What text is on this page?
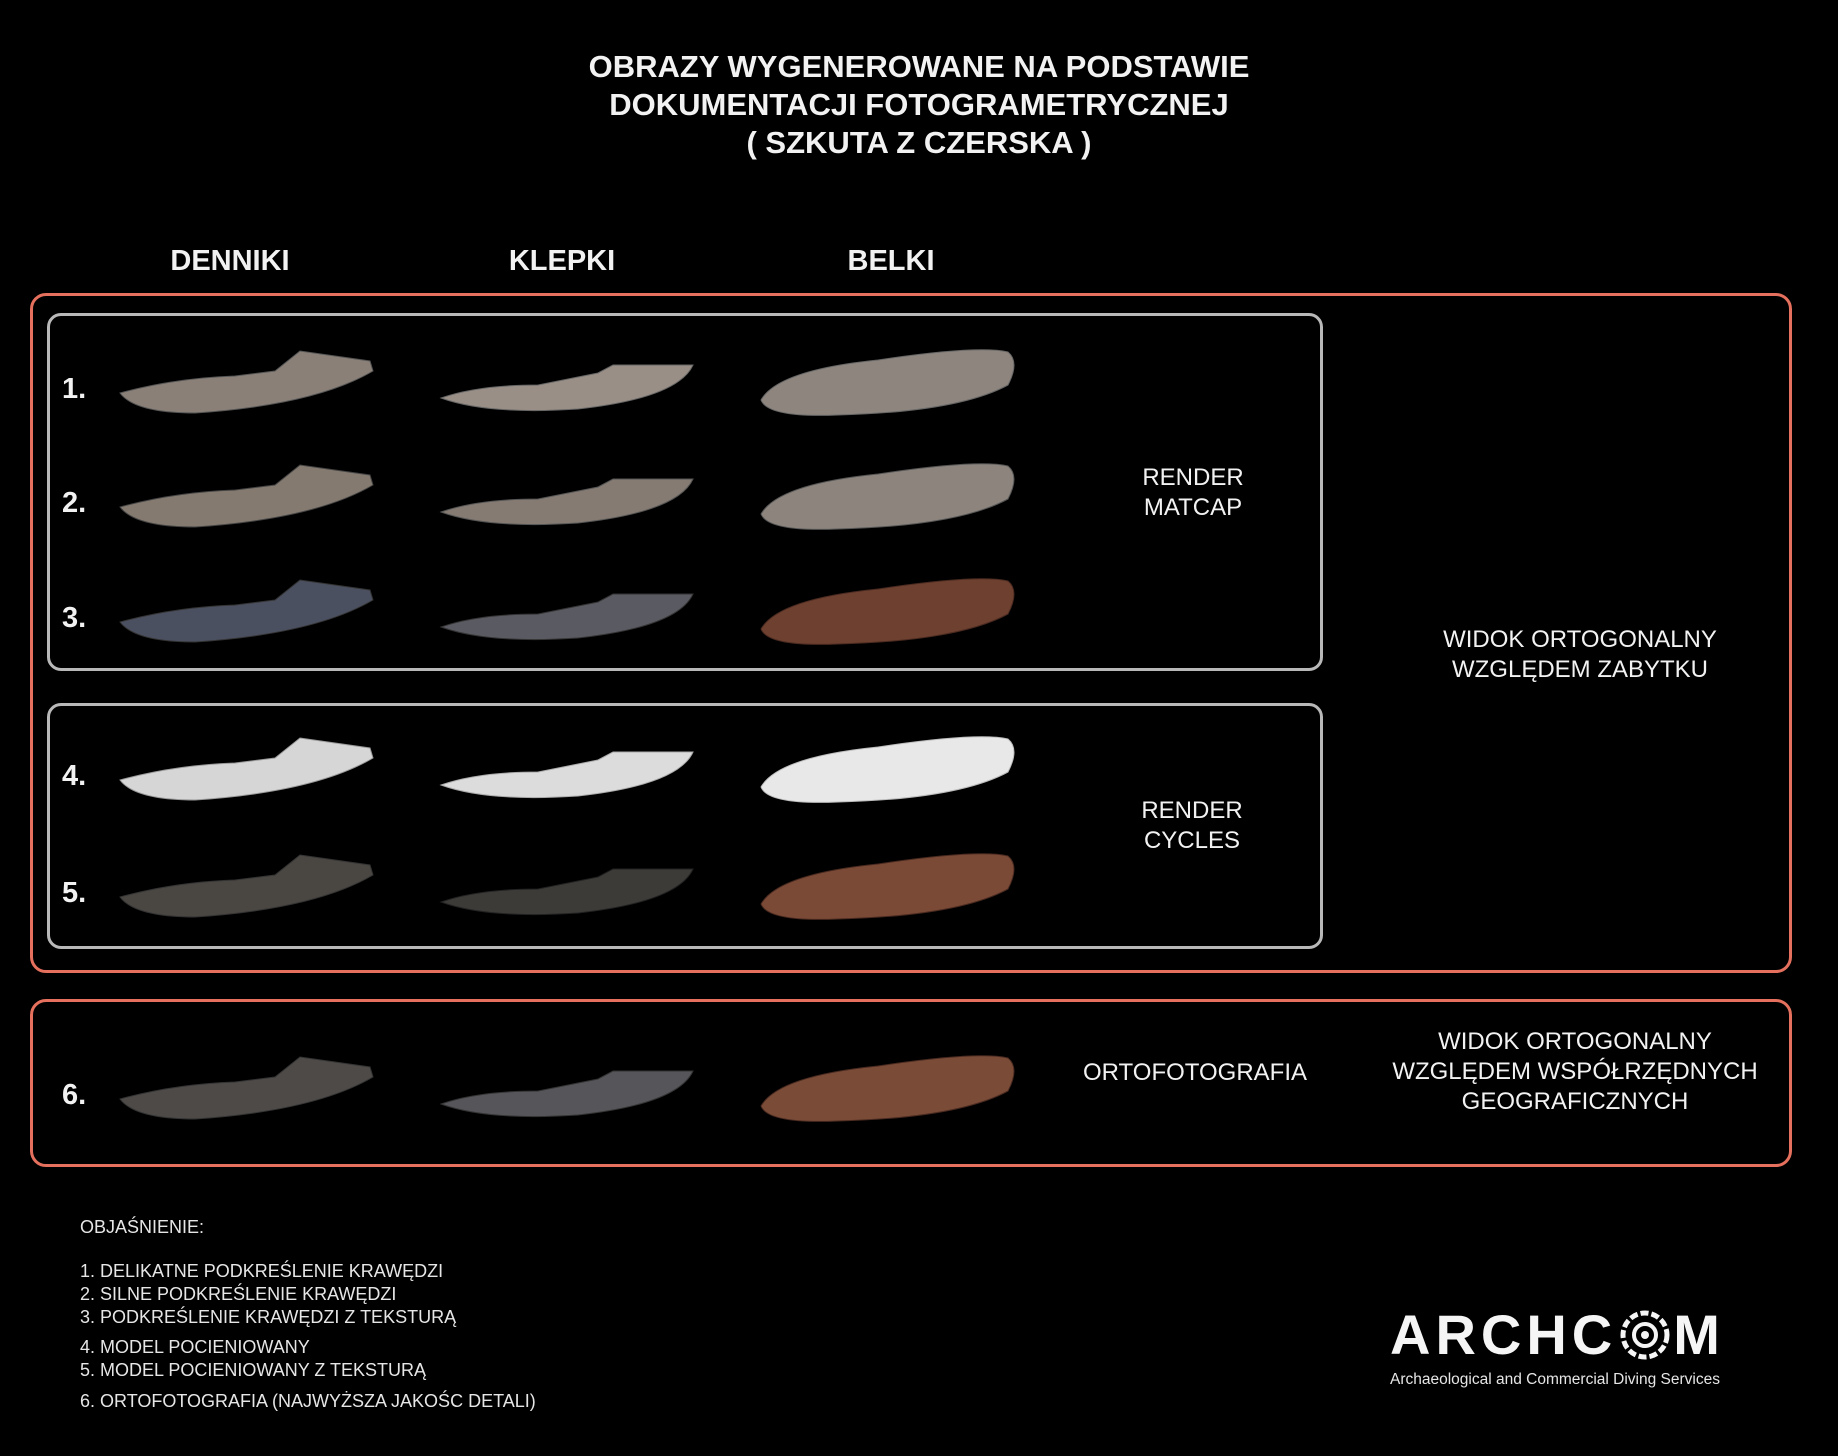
OBRAZY WYGENEROWANE NA PODSTAWIE
DOKUMENTACJI FOTOGRAMETRYCZNEJ
( SZKUTA Z CZERSKA )
DENNIKI	KLEPKI	BELKI
1.
2.
3.
4.
5.
6.
RENDER
MATCAP
RENDER
CYCLES
ORTOFOTOGRAFIA
WIDOK ORTOGONALNY
WZGLĘDEM ZABYTKU
WIDOK ORTOGONALNY
WZGLĘDEM WSPÓŁRZĘDNYCH
GEOGRAFICZNYCH
OBJAŚNIENIE:
1. DELIKATNE PODKREŚLENIE KRAWĘDZI
2. SILNE PODKREŚLENIE KRAWĘDZI
3. PODKREŚLENIE KRAWĘDZI Z TEKSTURĄ
4. MODEL POCIENIOWANY
5. MODEL POCIENIOWANY Z TEKSTURĄ
6. ORTOFOTOGRAFIA (NAJWYŻSZA JAKOŚC DETALI)
ARCHC M
Archaeological and Commercial Diving Services
